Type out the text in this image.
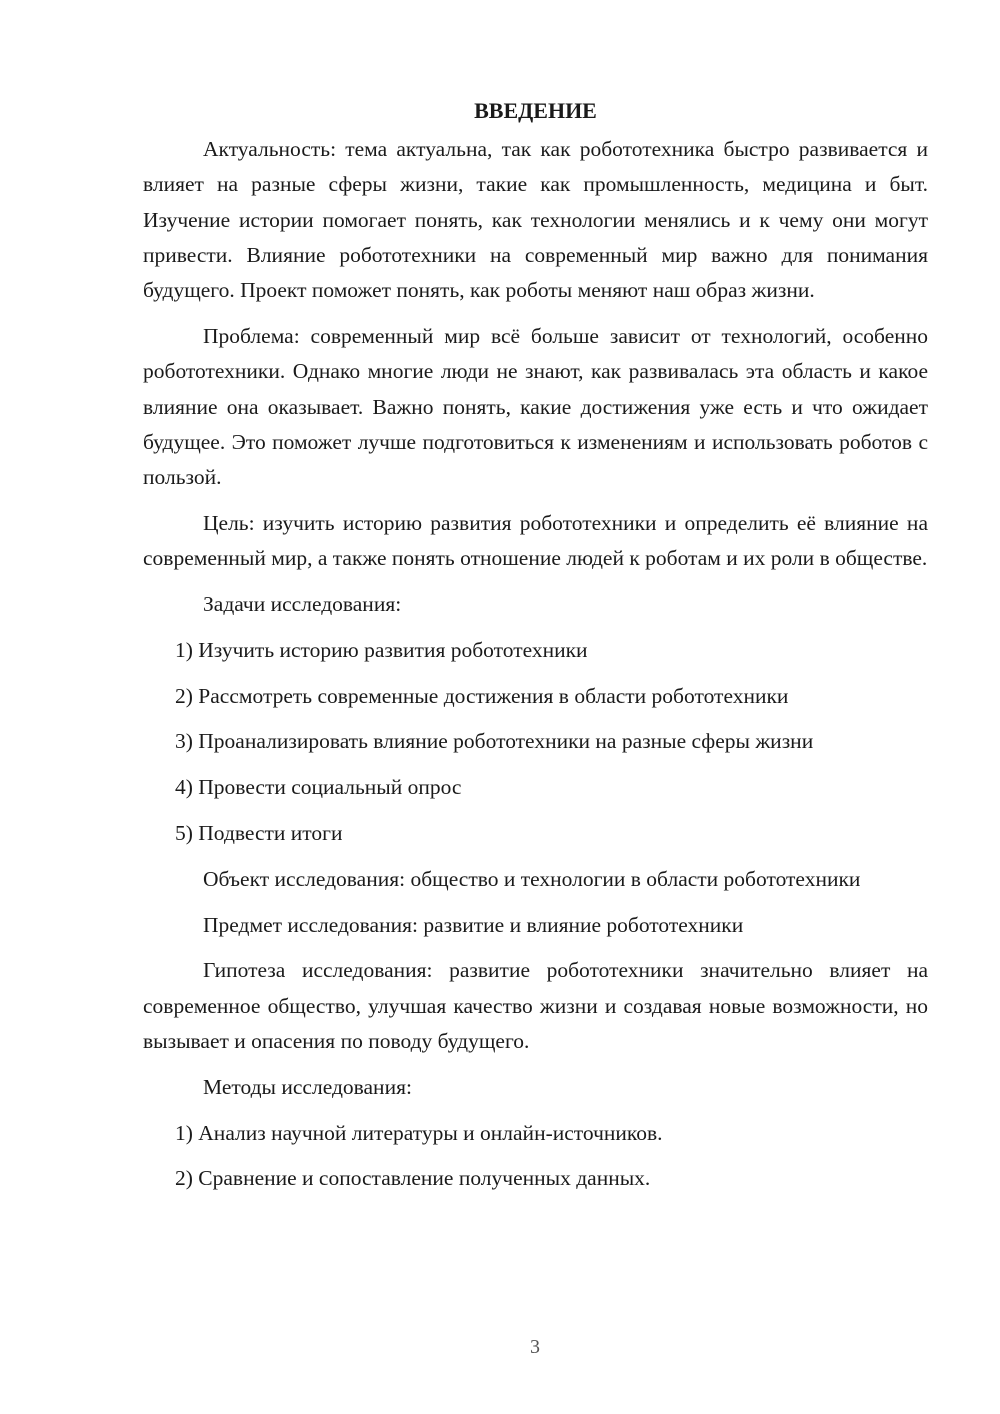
ВВЕДЕНИЕ

Актуальность: тема актуальна, так как робототехника быстро развивается и влияет на разные сферы жизни, такие как промышленность, медицина и быт. Изучение истории помогает понять, как технологии менялись и к чему они могут привести. Влияние робототехники на современный мир важно для понимания будущего. Проект поможет понять, как роботы меняют наш образ жизни.

Проблема: современный мир всё больше зависит от технологий, особенно робототехники. Однако многие люди не знают, как развивалась эта область и какое влияние она оказывает. Важно понять, какие достижения уже есть и что ожидает будущее. Это поможет лучше подготовиться к изменениям и использовать роботов с пользой.

Цель: изучить историю развития робототехники и определить её влияние на современный мир, а также понять отношение людей к роботам и их роли в обществе.

Задачи исследования:

1) Изучить историю развития робототехники

2) Рассмотреть современные достижения в области робототехники

3) Проанализировать влияние робототехники на разные сферы жизни

4) Провести социальный опрос

5) Подвести итоги

Объект исследования: общество и технологии в области робототехники

Предмет исследования: развитие и влияние робототехники

Гипотеза исследования: развитие робототехники значительно влияет на современное общество, улучшая качество жизни и создавая новые возможности, но вызывает и опасения по поводу будущего.

Методы исследования:

1) Анализ научной литературы и онлайн-источников.

2) Сравнение и сопоставление полученных данных.

3
